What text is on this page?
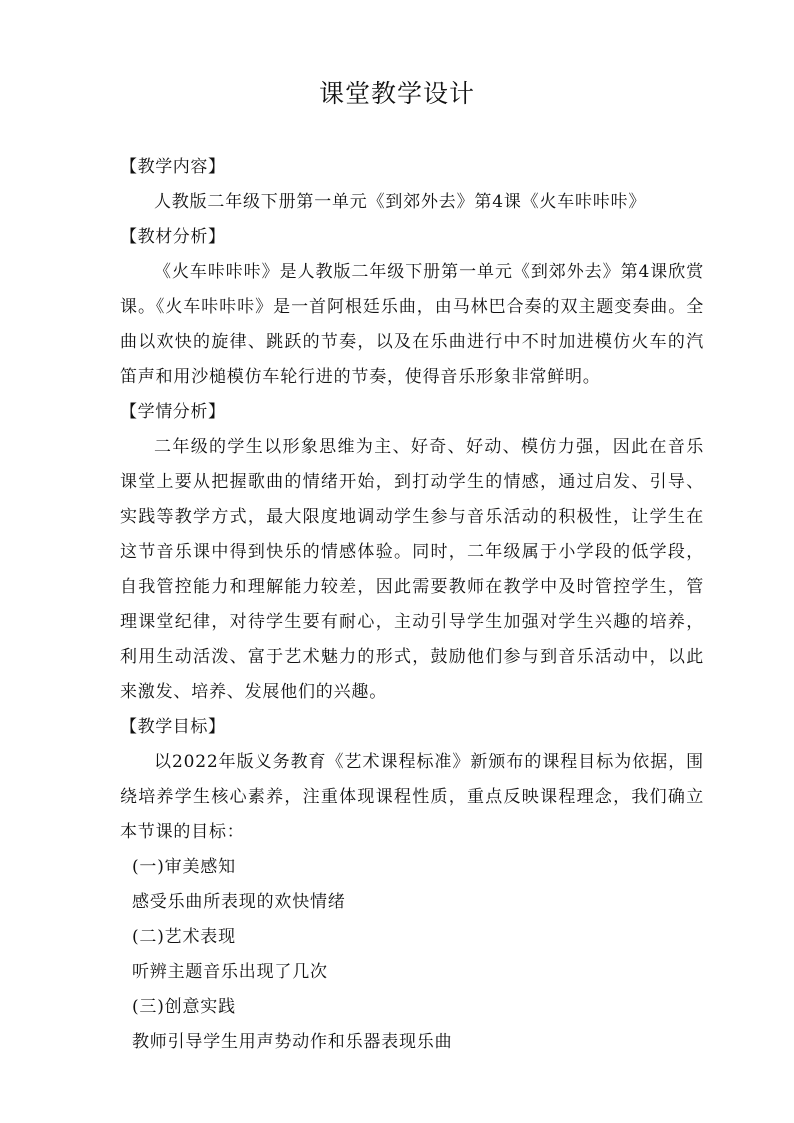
课堂教学设计

【教学内容】

人教版二年级下册第一单元《到郊外去》第4课《火车咔咔咔》

【教材分析】

《火车咔咔咔》是人教版二年级下册第一单元《到郊外去》第4课欣赏课。《火车咔咔咔》是一首阿根廷乐曲，由马林巴合奏的双主题变奏曲。全曲以欢快的旋律、跳跃的节奏，以及在乐曲进行中不时加进模仿火车的汽笛声和用沙槌模仿车轮行进的节奏，使得音乐形象非常鲜明。

【学情分析】

二年级的学生以形象思维为主、好奇、好动、模仿力强，因此在音乐课堂上要从把握歌曲的情绪开始，到打动学生的情感，通过启发、引导、实践等教学方式，最大限度地调动学生参与音乐活动的积极性，让学生在这节音乐课中得到快乐的情感体验。同时，二年级属于小学段的低学段，自我管控能力和理解能力较差，因此需要教师在教学中及时管控学生，管理课堂纪律，对待学生要有耐心，主动引导学生加强对学生兴趣的培养，利用生动活泼、富于艺术魅力的形式，鼓励他们参与到音乐活动中，以此来激发、培养、发展他们的兴趣。

【教学目标】

以2022年版义务教育《艺术课程标准》新颁布的课程目标为依据，围绕培养学生核心素养，注重体现课程性质，重点反映课程理念，我们确立本节课的目标：

(一)审美感知

感受乐曲所表现的欢快情绪

(二)艺术表现

听辨主题音乐出现了几次

(三)创意实践

教师引导学生用声势动作和乐器表现乐曲
